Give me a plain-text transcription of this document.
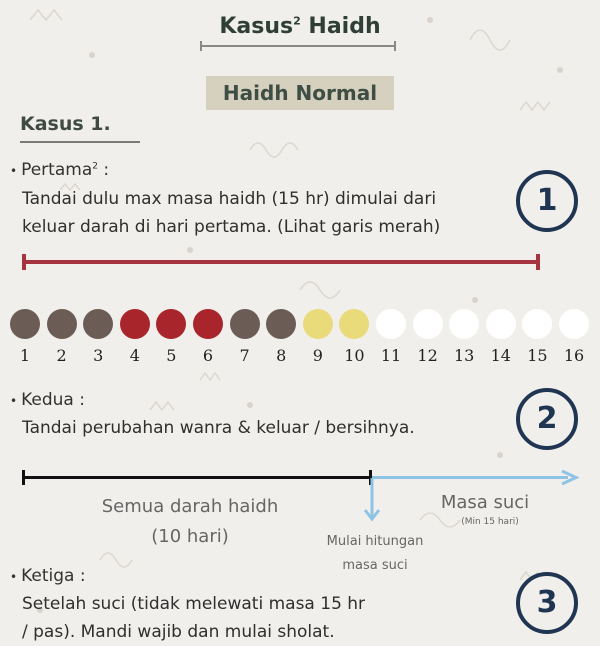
Kasus$^2$ Haidh
Haidh Normal
Kasus 1.
• Pertama$^2$ :
Tandai dulu max masa haidh (15 hr) dimulai dari
keluar darah di hari pertama. (Lihat garis merah)
1
1	2	3	4	5	6	7	8	9	10	11	12	13	14	15	16
• Kedua :
Tandai perubahan wanra & keluar / bersihnya.	2
Semua darah haidh
(10 hari)
Masa suci
(Min 15 hari)
Mulai hitungan
masa suci
• Ketiga :
Setelah suci (tidak melewati masa 15 hr
/ pas). Mandi wajib dan mulai sholat.
3
